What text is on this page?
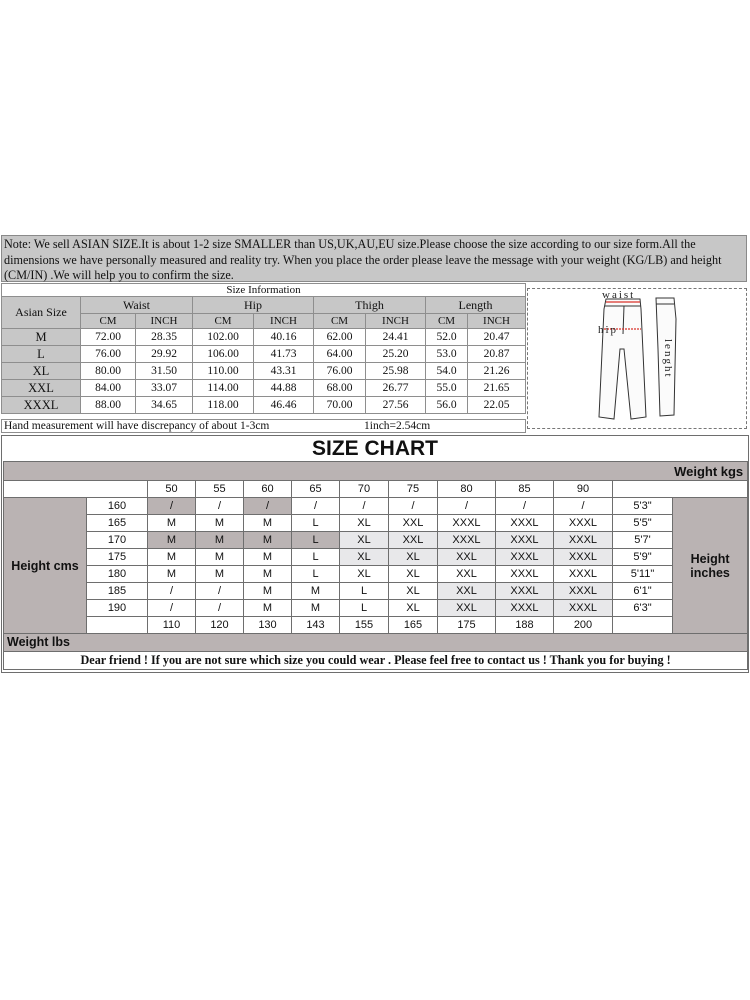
Note: We sell ASIAN SIZE.It is about 1-2 size SMALLER than US,UK,AU,EU size.Please choose the size according to our size form.All the dimensions we have personally measured and reality try. When you place the order please leave the message with your weight (KG/LB) and height (CM/IN) .We will help you to confirm the size.
Size Information								
Asian Size	Waist		Hip		Thigh		Length	
	CM	INCH	CM	INCH	CM	INCH	CM	INCH
M	72.00	28.35	102.00	40.16	62.00	24.41	52.0	20.47
L	76.00	29.92	106.00	41.73	64.00	25.20	53.0	20.87
XL	80.00	31.50	110.00	43.31	76.00	25.98	54.0	21.26
XXL	84.00	33.07	114.00	44.88	68.00	26.77	55.0	21.65
XXXL	88.00	34.65	118.00	46.46	70.00	27.56	56.0	22.05
Hand measurement will have discrepancy of about 1-3cm	1inch=2.54cm
waist
hip
lenght
SIZE CHART
Weight kgs												
		50	55	60	65	70	75	80	85	90		
Height cms	160	/	/	/	/	/	/	/	/	/	5'3"	Height inches
	165	M	M	M	L	XL	XXL	XXXL	XXXL	XXXL	5'5"	
	170	M	M	M	L	XL	XXL	XXXL	XXXL	XXXL	5'7'	
	175	M	M	M	L	XL	XL	XXL	XXXL	XXXL	5'9"	
	180	M	M	M	L	XL	XL	XXL	XXXL	XXXL	5'11"	
	185	/	/	M	M	L	XL	XXL	XXXL	XXXL	6'1"	
	190	/	/	M	M	L	XL	XXL	XXXL	XXXL	6'3"	
		110	120	130	143	155	165	175	188	200		
Weight lbs												
Dear friend ! If you are not sure which size you could wear . Please feel free to contact us ! Thank you for buying !												
